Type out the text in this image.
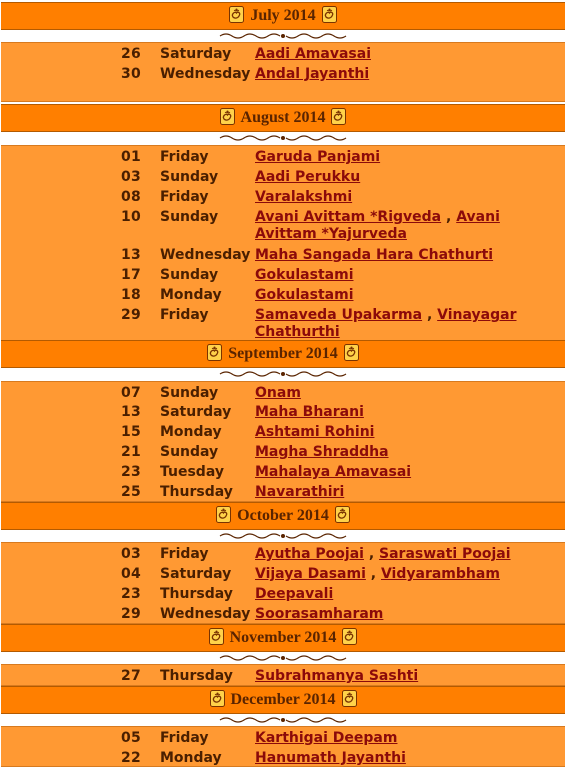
July 2014
26 Saturday Aadi Amavasai
30 Wednesday Andal Jayanthi
August 2014
01 Friday	Garuda Panjami
03 Sunday	Aadi Perukku
08 Friday	Varalakshmi
10 Sunday	Avani Avittam *Rigveda , Avani Avittam *Yajurveda
13 Wednesday Maha Sangada Hara Chathurti
17 Sunday	Gokulastami
18 Monday Gokulastami
29 Friday	Samaveda Upakarma , Vinayagar Chathurthi
September 2014
07 Sunday	Onam
13 Saturday Maha Bharani
15 Monday Ashtami Rohini
21 Sunday	Magha Shraddha
23 Tuesday Mahalaya Amavasai
25 Thursday Navarathiri
October 2014
03 Friday	Ayutha Poojai , Saraswati Poojai
04 Saturday Vijaya Dasami , Vidyarambham
23 Thursday Deepavali
29 Wednesday Soorasamharam
November 2014
27 Thursday Subrahmanya Sashti
December 2014
05 Friday	Karthigai Deepam
22 Monday Hanumath Jayanthi
